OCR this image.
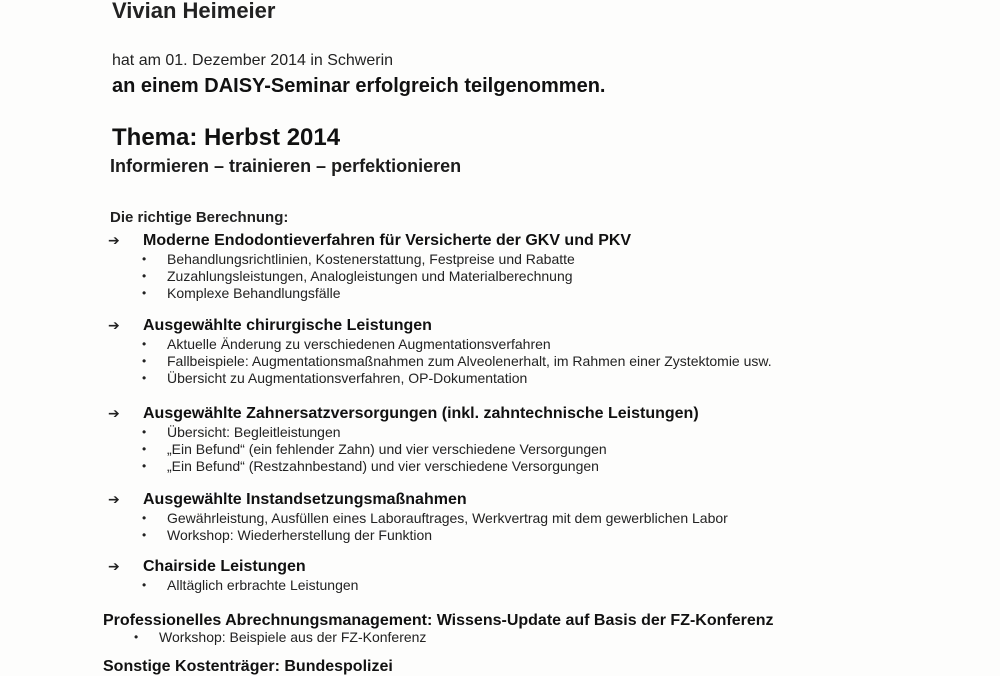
Vivian Heimeier
hat am 01. Dezember 2014 in Schwerin
an einem DAISY-Seminar erfolgreich teilgenommen.
Thema: Herbst 2014
Informieren – trainieren – perfektionieren
Die richtige Berechnung:
➔ Moderne Endodontieverfahren für Versicherte der GKV und PKV
• Behandlungsrichtlinien, Kostenerstattung, Festpreise und Rabatte
• Zuzahlungsleistungen, Analogleistungen und Materialberechnung
• Komplexe Behandlungsfälle
➔ Ausgewählte chirurgische Leistungen
• Aktuelle Änderung zu verschiedenen Augmentationsverfahren
• Fallbeispiele: Augmentationsmaßnahmen zum Alveolenerhalt, im Rahmen einer Zystektomie usw.
• Übersicht zu Augmentationsverfahren, OP-Dokumentation
➔ Ausgewählte Zahnersatzversorgungen (inkl. zahntechnische Leistungen)
• Übersicht: Begleitleistungen
• „Ein Befund“ (ein fehlender Zahn) und vier verschiedene Versorgungen
• „Ein Befund“ (Restzahnbestand) und vier verschiedene Versorgungen
➔ Ausgewählte Instandsetzungsmaßnahmen
• Gewährleistung, Ausfüllen eines Laborauftrages, Werkvertrag mit dem gewerblichen Labor
• Workshop: Wiederherstellung der Funktion
➔ Chairside Leistungen
• Alltäglich erbrachte Leistungen
Professionelles Abrechnungsmanagement: Wissens-Update auf Basis der FZ-Konferenz
• Workshop: Beispiele aus der FZ-Konferenz
Sonstige Kostenträger: Bundespolizei
